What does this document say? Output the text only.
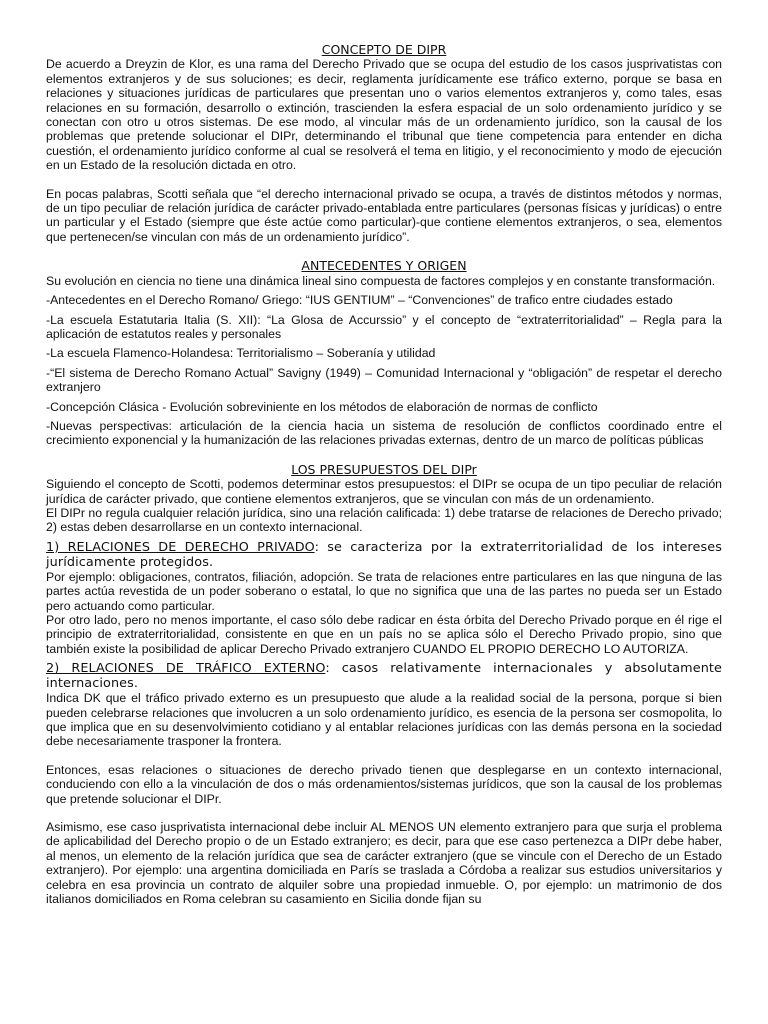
CONCEPTO DE DIPR

De acuerdo a Dreyzin de Klor, es una rama del Derecho Privado que se ocupa del estudio de los casos jusprivatistas con elementos extranjeros y de sus soluciones; es decir, reglamenta jurídicamente ese tráfico externo, porque se basa en relaciones y situaciones jurídicas de particulares que presentan uno o varios elementos extranjeros y, como tales, esas relaciones en su formación, desarrollo o extinción, trascienden la esfera espacial de un solo ordenamiento jurídico y se conectan con otro u otros sistemas. De ese modo, al vincular más de un ordenamiento jurídico, son la causal de los problemas que pretende solucionar el DIPr, determinando el tribunal que tiene competencia para entender en dicha cuestión, el ordenamiento jurídico conforme al cual se resolverá el tema en litigio, y el reconocimiento y modo de ejecución en un Estado de la resolución dictada en otro.

En pocas palabras, Scotti señala que “el derecho internacional privado se ocupa, a través de distintos métodos y normas, de un tipo peculiar de relación jurídica de carácter privado-entablada entre particulares (personas físicas y jurídicas) o entre un particular y el Estado (siempre que éste actúe como particular)-que contiene elementos extranjeros, o sea, elementos que pertenecen/se vinculan con más de un ordenamiento jurídico”.

ANTECEDENTES Y ORIGEN

Su evolución en ciencia no tiene una dinámica lineal sino compuesta de factores complejos y en constante transformación.

-Antecedentes en el Derecho Romano/ Griego: “IUS GENTIUM” – “Convenciones” de trafico entre ciudades estado

-La escuela Estatutaria Italia (S. XII): “La Glosa de Accurssio” y el concepto de “extraterritorialidad” – Regla para la aplicación de estatutos reales y personales

-La escuela Flamenco-Holandesa: Territorialismo – Soberanía y utilidad

-“El sistema de Derecho Romano Actual” Savigny (1949) – Comunidad Internacional y “obligación” de respetar el derecho extranjero

-Concepción Clásica - Evolución sobreviniente en los métodos de elaboración de normas de conflicto

-Nuevas perspectivas: articulación de la ciencia hacia un sistema de resolución de conflictos coordinado entre el crecimiento exponencial y la humanización de las relaciones privadas externas, dentro de un marco de políticas públicas

LOS PRESUPUESTOS DEL DIPr

Siguiendo el concepto de Scotti, podemos determinar estos presupuestos: el DIPr se ocupa de un tipo peculiar de relación jurídica de carácter privado, que contiene elementos extranjeros, que se vinculan con más de un ordenamiento.

El DIPr no regula cualquier relación jurídica, sino una relación calificada: 1) debe tratarse de relaciones de Derecho privado; 2) estas deben desarrollarse en un contexto internacional.

1) RELACIONES DE DERECHO PRIVADO: se caracteriza por la extraterritorialidad de los intereses jurídicamente protegidos.

Por ejemplo: obligaciones, contratos, filiación, adopción. Se trata de relaciones entre particulares en las que ninguna de las partes actúa revestida de un poder soberano o estatal, lo que no significa que una de las partes no pueda ser un Estado pero actuando como particular.

Por otro lado, pero no menos importante, el caso sólo debe radicar en ésta órbita del Derecho Privado porque en él rige el principio de extraterritorialidad, consistente en que en un país no se aplica sólo el Derecho Privado propio, sino que también existe la posibilidad de aplicar Derecho Privado extranjero CUANDO EL PROPIO DERECHO LO AUTORIZA.

2) RELACIONES DE TRÁFICO EXTERNO: casos relativamente internacionales y absolutamente internaciones.

Indica DK que el tráfico privado externo es un presupuesto que alude a la realidad social de la persona, porque si bien pueden celebrarse relaciones que involucren a un solo ordenamiento jurídico, es esencia de la persona ser cosmopolita, lo que implica que en su desenvolvimiento cotidiano y al entablar relaciones jurídicas con las demás persona en la sociedad debe necesariamente trasponer la frontera.

Entonces, esas relaciones o situaciones de derecho privado tienen que desplegarse en un contexto internacional, conduciendo con ello a la vinculación de dos o más ordenamientos/sistemas jurídicos, que son la causal de los problemas que pretende solucionar el DIPr.

Asimismo, ese caso jusprivatista internacional debe incluir AL MENOS UN elemento extranjero para que surja el problema de aplicabilidad del Derecho propio o de un Estado extranjero; es decir, para que ese caso pertenezca a DIPr debe haber, al menos, un elemento de la relación jurídica que sea de carácter extranjero (que se vincule con el Derecho de un Estado extranjero). Por ejemplo: una argentina domiciliada en París se traslada a Córdoba a realizar sus estudios universitarios y celebra en esa provincia un contrato de alquiler sobre una propiedad inmueble. O, por ejemplo: un matrimonio de dos italianos domiciliados en Roma celebran su casamiento en Sicilia donde fijan su
